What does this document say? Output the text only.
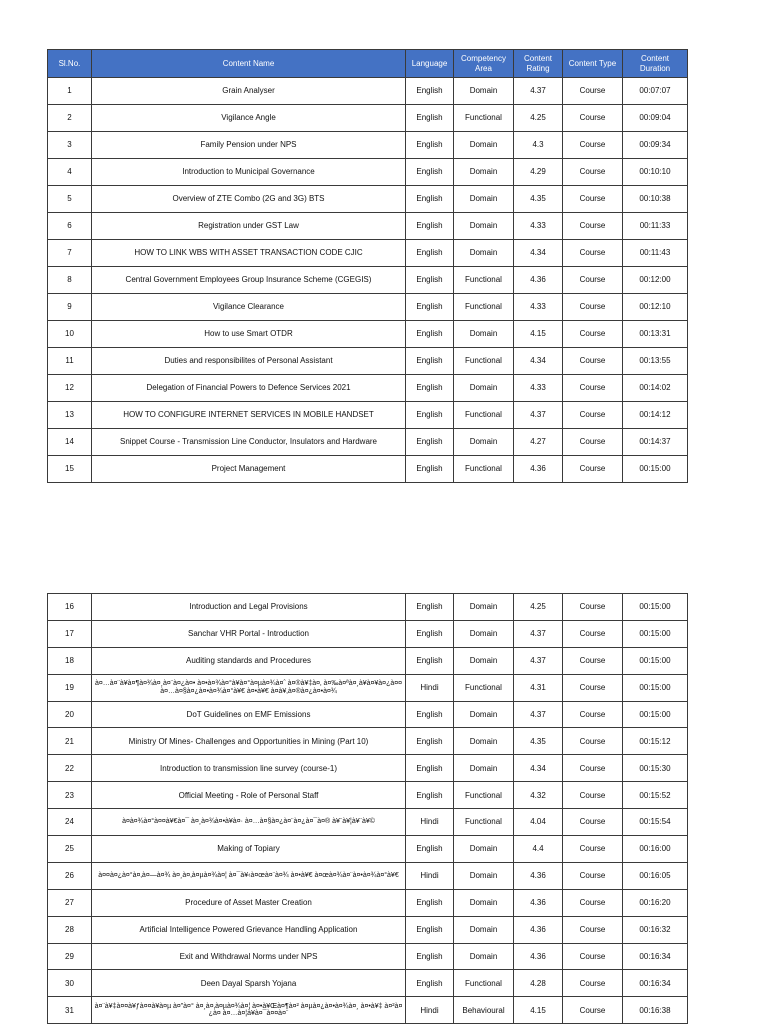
Sl.No.	Content Name	Language	Competency Area	Content Rating	Content Type	Content Duration
1	Grain Analyser	English	Domain	4.37	Course	00:07:07
2	Vigilance Angle	English	Functional	4.25	Course	00:09:04
3	Family Pension under NPS	English	Domain	4.3	Course	00:09:34
4	Introduction to Municipal Governance	English	Domain	4.29	Course	00:10:10
5	Overview of ZTE Combo (2G and 3G) BTS	English	Domain	4.35	Course	00:10:38
6	Registration under GST Law	English	Domain	4.33	Course	00:11:33
7	HOW TO LINK WBS WITH ASSET TRANSACTION CODE CJIC	English	Domain	4.34	Course	00:11:43
8	Central Government Employees Group Insurance Scheme (CGEGIS)	English	Functional	4.36	Course	00:12:00
9	Vigilance Clearance	English	Functional	4.33	Course	00:12:10
10	How to use Smart OTDR	English	Domain	4.15	Course	00:13:31
11	Duties and responsibilites of Personal Assistant	English	Functional	4.34	Course	00:13:55
12	Delegation of Financial Powers to Defence Services 2021	English	Domain	4.33	Course	00:14:02
13	HOW TO CONFIGURE INTERNET SERVICES IN MOBILE HANDSET	English	Functional	4.37	Course	00:14:12
14	Snippet Course - Transmission Line Conductor, Insulators and Hardware	English	Domain	4.27	Course	00:14:37
15	Project Management	English	Functional	4.36	Course	00:15:00
16	Introduction and Legal Provisions	English	Domain	4.25	Course	00:15:00
17	Sanchar VHR Portal - Introduction	English	Domain	4.37	Course	00:15:00
18	Auditing standards and Procedures	English	Domain	4.37	Course	00:15:00
19	à¤…à¤¨à¥à¤¶à¤¾à¤¸à¤¨à¤¿à¤• à¤•à¤¾à¤°à¥à¤°à¤µà¤¾à¤ˆ à¤®à¥‡à¤‚ à¤‰à¤ªà¤¸à¥à¤¥à¤¿à¤¤ à¤…à¤§à¤¿à¤•à¤¾à¤°à¥€ à¤•à¥€ à¤à¥‚à¤®à¤¿à¤•à¤¾	Hindi	Functional	4.31	Course	00:15:00
20	DoT Guidelines on EMF Emissions	English	Domain	4.37	Course	00:15:00
21	Ministry Of Mines- Challenges and Opportunities in Mining (Part 10)	English	Domain	4.35	Course	00:15:12
22	Introduction to transmission line survey (course-1)	English	Domain	4.34	Course	00:15:30
23	Official Meeting - Role of Personal Staff	English	Functional	4.32	Course	00:15:52
24	à¤à¤¾à¤°à¤¤à¥€à¤¯ à¤¸à¤¾à¤•à¥à¤· à¤…à¤§à¤¿à¤¨à¤¿à¤¯à¤® à¥¨à¥¦à¥¨à¥©	Hindi	Functional	4.04	Course	00:15:54
25	Making of Topiary	English	Domain	4.4	Course	00:16:00
26	à¤¤à¤¿à¤°à¤‚à¤—à¤¾ à¤¸à¤‚à¤µà¤¾à¤¦ à¤¯à¥‹à¤œà¤¨à¤¾ à¤•à¥€ à¤œà¤¾à¤¨à¤•à¤¾à¤°à¥€	Hindi	Domain	4.36	Course	00:16:05
27	Procedure of Asset Master Creation	English	Domain	4.36	Course	00:16:20
28	Artificial Intelligence Powered Grievance Handling Application	English	Domain	4.36	Course	00:16:32
29	Exit and Withdrawal Norms under NPS	English	Domain	4.36	Course	00:16:34
30	Deen Dayal Sparsh Yojana	English	Functional	4.28	Course	00:16:34
31	à¤¨à¥‡à¤¤à¥ƒà¤¤à¥à¤µ à¤”à¤° à¤¸à¤‚à¤µà¤¾à¤¦ à¤•à¥Œà¤¶à¤² à¤µà¤¿à¤•à¤¾à¤¸ à¤•à¥‡ à¤²à¤¿à¤ à¤…à¤¦à¥à¤¯à¤¤à¤¨	Hindi	Behavioural	4.15	Course	00:16:38
